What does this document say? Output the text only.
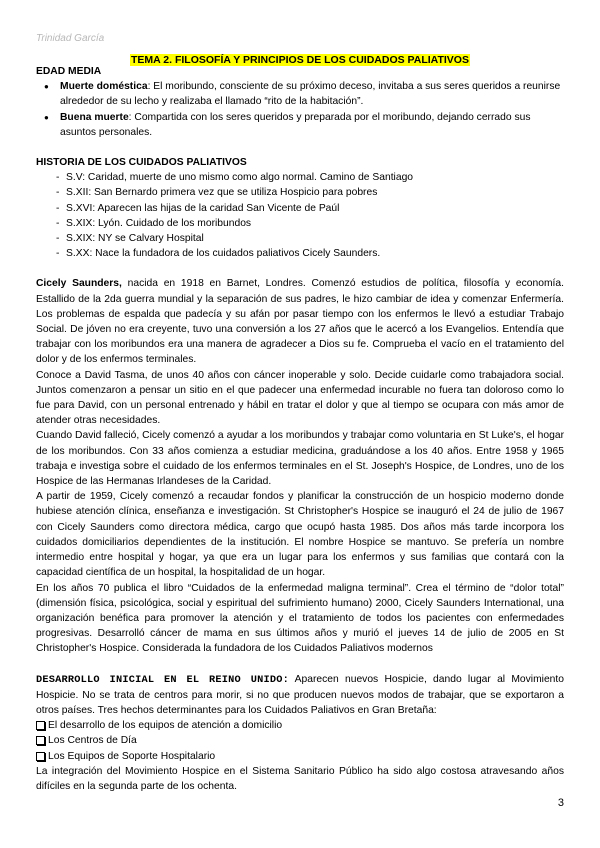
Trinidad García
TEMA 2. FILOSOFÍA Y PRINCIPIOS DE LOS CUIDADOS PALIATIVOS
EDAD MEDIA
● Muerte doméstica: El moribundo, consciente de su próximo deceso, invitaba a sus seres queridos a reunirse alrededor de su lecho y realizaba el llamado “rito de la habitación”.
● Buena muerte: Compartida con los seres queridos y preparada por el moribundo, dejando cerrado sus asuntos personales.
HISTORIA DE LOS CUIDADOS PALIATIVOS
- S.V: Caridad, muerte de uno mismo como algo normal. Camino de Santiago
- S.XII: San Bernardo primera vez que se utiliza Hospicio para pobres
- S.XVI: Aparecen las hijas de la caridad San Vicente de Paúl
- S.XIX: Lyón. Cuidado de los moribundos
- S.XIX: NY se Calvary Hospital
- S.XX: Nace la fundadora de los cuidados paliativos Cicely Saunders.

Cicely Saunders, nacida en 1918 en Barnet, Londres. Comenzó estudios de política, filosofía y economía. Estallido de la 2da guerra mundial y la separación de sus padres, le hizo cambiar de idea y comenzar Enfermería. Los problemas de espalda que padecía y su afán por pasar tiempo con los enfermos le llevó a estudiar Trabajo Social. De jóven no era creyente, tuvo una conversión a los 27 años que le acercó a los Evangelios. Entendía que trabajar con los moribundos era una manera de agradecer a Dios su fe. Comprueba el vacío en el tratamiento del dolor y de los enfermos terminales.

Conoce a David Tasma, de unos 40 años con cáncer inoperable y solo. Decide cuidarle como trabajadora social. Juntos comenzaron a pensar un sitio en el que padecer una enfermedad incurable no fuera tan doloroso como lo fue para David, con un personal entrenado y hábil en tratar el dolor y que al tiempo se ocupara con más amor de atender otras necesidades.

Cuando David falleció, Cicely comenzó a ayudar a los moribundos y trabajar como voluntaria en St Luke's, el hogar de los moribundos. Con 33 años comienza a estudiar medicina, graduándose a los 40 años. Entre 1958 y 1965 trabaja e investiga sobre el cuidado de los enfermos terminales en el St. Joseph's Hospice, de Londres, uno de los Hospice de las Hermanas Irlandeses de la Caridad.

A partir de 1959, Cicely comenzó a recaudar fondos y planificar la construcción de un hospicio moderno donde hubiese atención clínica, enseñanza e investigación. St Christopher's Hospice se inauguró el 24 de julio de 1967 con Cicely Saunders como directora médica, cargo que ocupó hasta 1985. Dos años más tarde incorpora los cuidados domiciliarios dependientes de la institución. El nombre Hospice se mantuvo. Se prefería un nombre intermedio entre hospital y hogar, ya que era un lugar para los enfermos y sus familias que contará con la capacidad científica de un hospital, la hospitalidad de un hogar.

En los años 70 publica el libro “Cuidados de la enfermedad maligna terminal”. Crea el término de “dolor total” (dimensión física, psicológica, social y espiritual del sufrimiento humano) 2000, Cicely Saunders International, una organización benéfica para promover la atención y el tratamiento de todos los pacientes con enfermedades progresivas. Desarrolló cáncer de mama en sus últimos años y murió el jueves 14 de julio de 2005 en St Christopher's Hospice. Considerada la fundadora de los Cuidados Paliativos modernos

DESARROLLO INICIAL EN EL REINO UNIDO: Aparecen nuevos Hospicie, dando lugar al Movimiento Hospicie. No se trata de centros para morir, si no que producen nuevos modos de trabajar, que se exportaron a otros países. Tres hechos determinantes para los Cuidados Paliativos en Gran Bretaña:

El desarrollo de los equipos de atención a domicilio
Los Centros de Día
Los Equipos de Soporte Hospitalario

La integración del Movimiento Hospice en el Sistema Sanitario Público ha sido algo costosa atravesando años difíciles en la segunda parte de los ochenta.

3
